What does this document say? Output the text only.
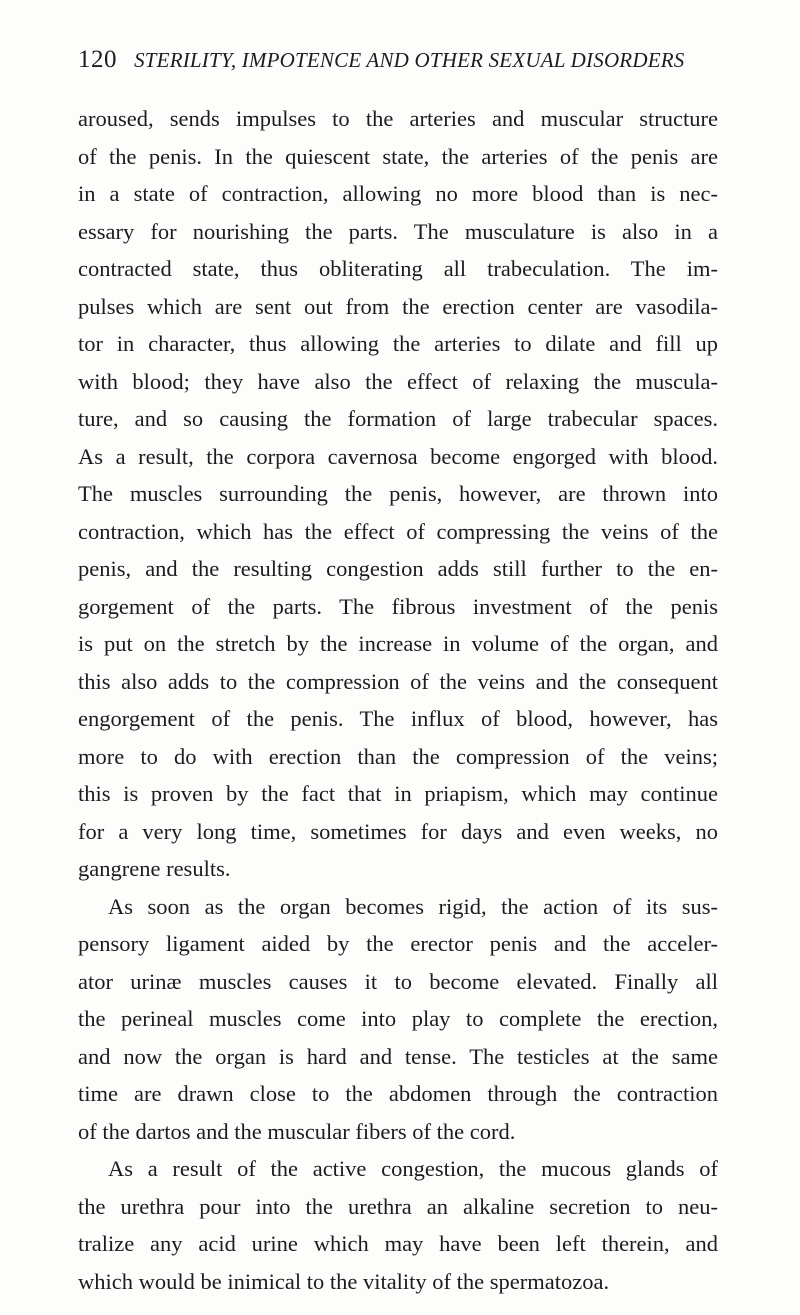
120 STERILITY, IMPOTENCE AND OTHER SEXUAL DISORDERS
aroused, sends impulses to the arteries and muscular structure
of the penis. In the quiescent state, the arteries of the penis are
in a state of contraction, allowing no more blood than is nec-
essary for nourishing the parts. The musculature is also in a
contracted state, thus obliterating all trabeculation. The im-
pulses which are sent out from the erection center are vasodila-
tor in character, thus allowing the arteries to dilate and fill up
with blood; they have also the effect of relaxing the muscula-
ture, and so causing the formation of large trabecular spaces.
As a result, the corpora cavernosa become engorged with blood.
The muscles surrounding the penis, however, are thrown into
contraction, which has the effect of compressing the veins of the
penis, and the resulting congestion adds still further to the en-
gorgement of the parts. The fibrous investment of the penis
is put on the stretch by the increase in volume of the organ, and
this also adds to the compression of the veins and the consequent
engorgement of the penis. The influx of blood, however, has
more to do with erection than the compression of the veins;
this is proven by the fact that in priapism, which may continue
for a very long time, sometimes for days and even weeks, no
gangrene results.
As soon as the organ becomes rigid, the action of its sus-
pensory ligament aided by the erector penis and the acceler-
ator urinæ muscles causes it to become elevated. Finally all
the perineal muscles come into play to complete the erection,
and now the organ is hard and tense. The testicles at the same
time are drawn close to the abdomen through the contraction
of the dartos and the muscular fibers of the cord.
As a result of the active congestion, the mucous glands of
the urethra pour into the urethra an alkaline secretion to neu-
tralize any acid urine which may have been left therein, and
which would be inimical to the vitality of the spermatozoa.
